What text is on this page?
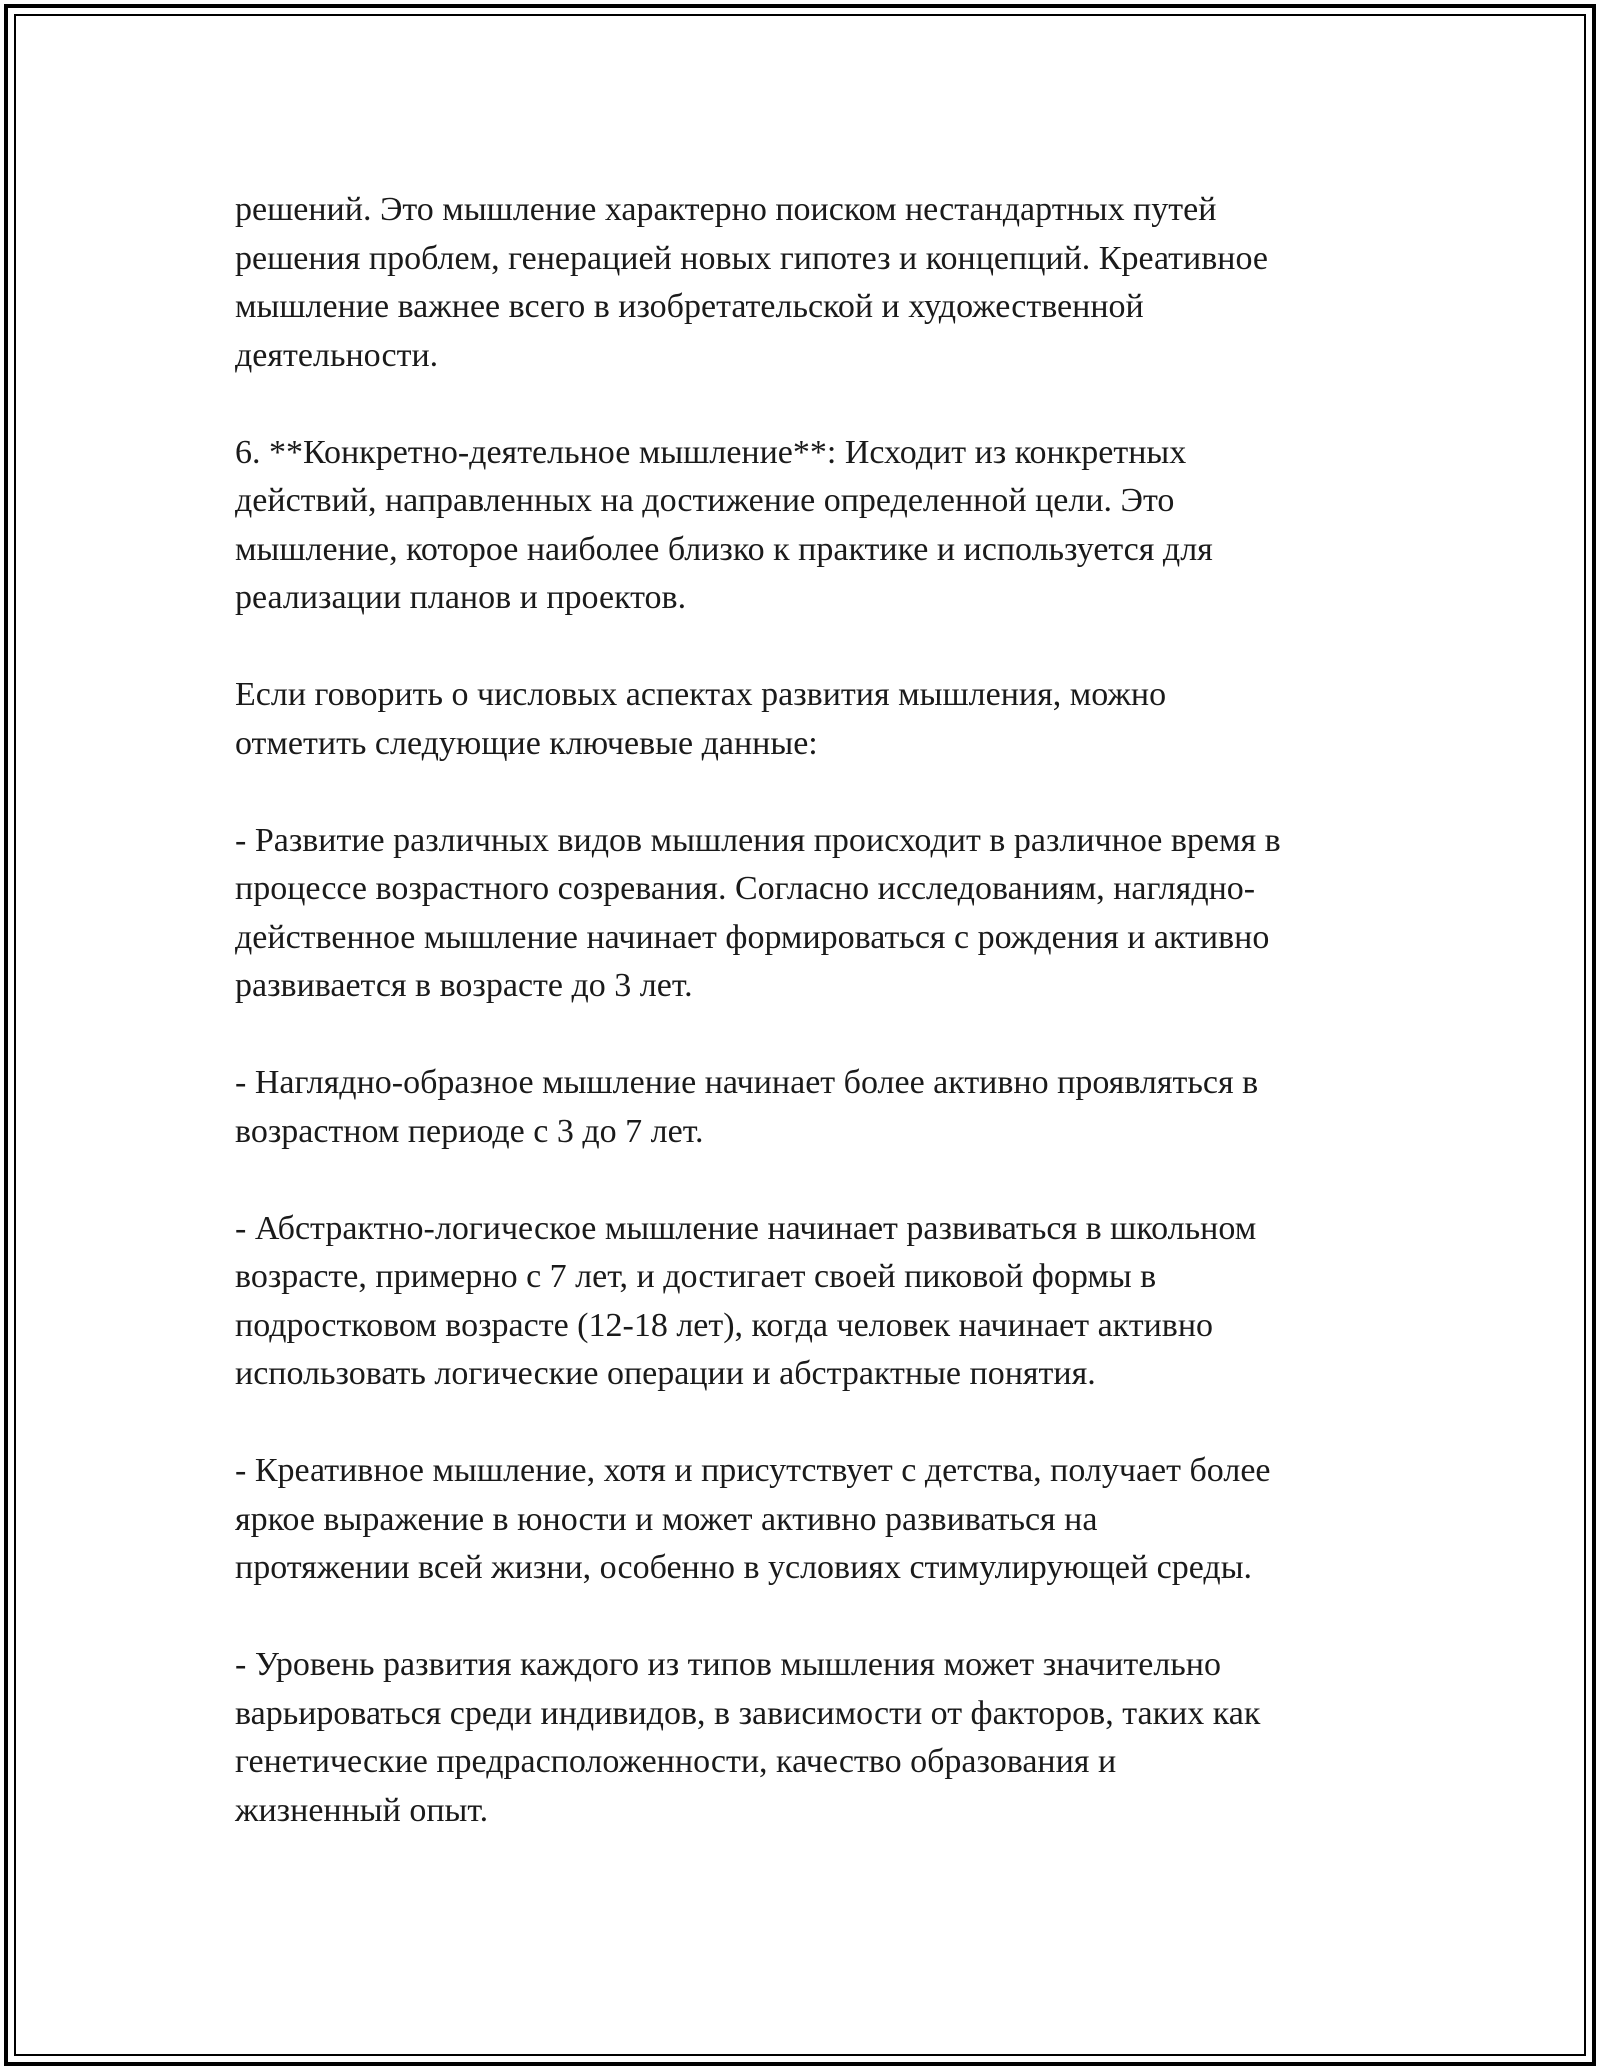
решений. Это мышление характерно поиском нестандартных путей
решения проблем, генерацией новых гипотез и концепций. Креативное
мышление важнее всего в изобретательской и художественной
деятельности.

6. **Конкретно-деятельное мышление**: Исходит из конкретных
действий, направленных на достижение определенной цели. Это
мышление, которое наиболее близко к практике и используется для
реализации планов и проектов.

Если говорить о числовых аспектах развития мышления, можно
отметить следующие ключевые данные:

- Развитие различных видов мышления происходит в различное время в
процессе возрастного созревания. Согласно исследованиям, наглядно-
действенное мышление начинает формироваться с рождения и активно
развивается в возрасте до 3 лет.

- Наглядно-образное мышление начинает более активно проявляться в
возрастном периоде с 3 до 7 лет.

- Абстрактно-логическое мышление начинает развиваться в школьном
возрасте, примерно с 7 лет, и достигает своей пиковой формы в
подростковом возрасте (12-18 лет), когда человек начинает активно
использовать логические операции и абстрактные понятия.

- Креативное мышление, хотя и присутствует с детства, получает более
яркое выражение в юности и может активно развиваться на
протяжении всей жизни, особенно в условиях стимулирующей среды.

- Уровень развития каждого из типов мышления может значительно
варьироваться среди индивидов, в зависимости от факторов, таких как
генетические предрасположенности, качество образования и
жизненный опыт.
